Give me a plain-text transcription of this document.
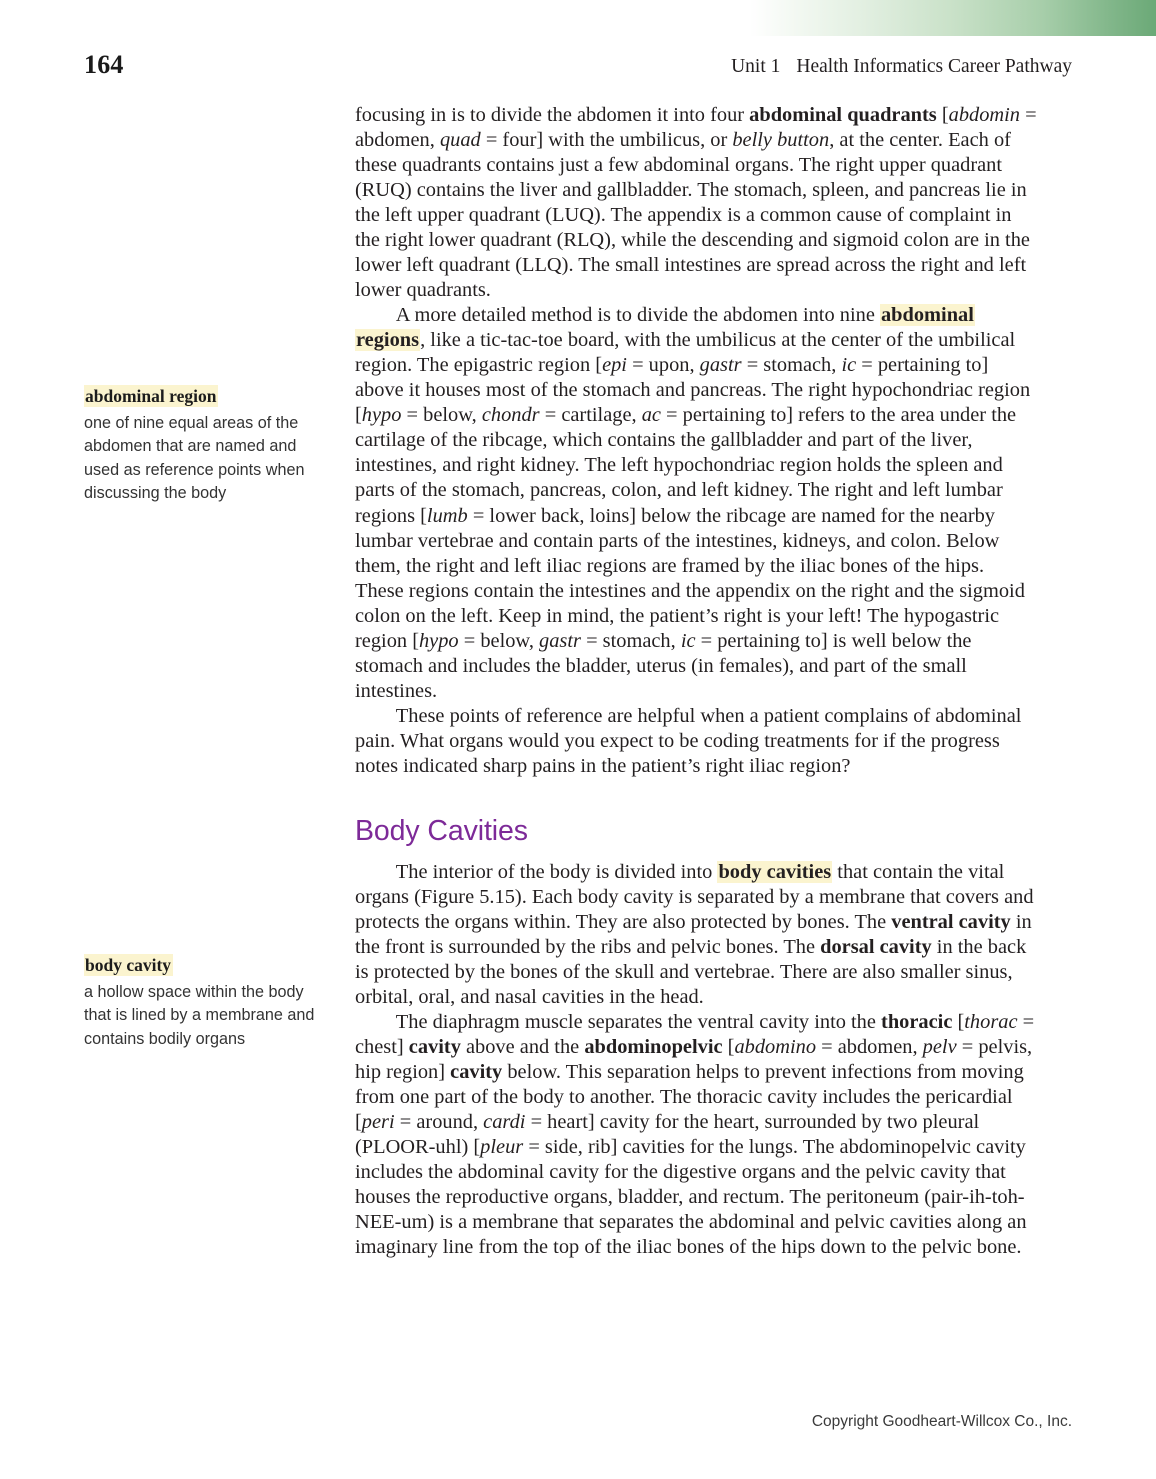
164	Unit 1 Health Informatics Career Pathway
abdominal region
one of nine equal areas of the abdomen that are named and used as reference points when discussing the body
body cavity
a hollow space within the body that is lined by a membrane and contains bodily organs

focusing in is to divide the abdomen it into four abdominal quadrants [abdomin = abdomen, quad = four] with the umbilicus, or belly button, at the center. Each of these quadrants contains just a few abdominal organs. The right upper quadrant (RUQ) contains the liver and gallbladder. The stomach, spleen, and pancreas lie in the left upper quadrant (LUQ). The appendix is a common cause of complaint in the right lower quadrant (RLQ), while the descending and sigmoid colon are in the lower left quadrant (LLQ). The small intestines are spread across the right and left lower quadrants.

A more detailed method is to divide the abdomen into nine abdominal regions, like a tic-tac-toe board, with the umbilicus at the center of the umbilical region. The epigastric region [epi = upon, gastr = stomach, ic = pertaining to] above it houses most of the stomach and pancreas. The right hypochondriac region [hypo = below, chondr = cartilage, ac = pertaining to] refers to the area under the cartilage of the ribcage, which contains the gallbladder and part of the liver, intestines, and right kidney. The left hypochondriac region holds the spleen and parts of the stomach, pancreas, colon, and left kidney. The right and left lumbar regions [lumb = lower back, loins] below the ribcage are named for the nearby lumbar vertebrae and contain parts of the intestines, kidneys, and colon. Below them, the right and left iliac regions are framed by the iliac bones of the hips. These regions contain the intestines and the appendix on the right and the sigmoid colon on the left. Keep in mind, the patient’s right is your left! The hypogastric region [hypo = below, gastr = stomach, ic = pertaining to] is well below the stomach and includes the bladder, uterus (in females), and part of the small intestines.

These points of reference are helpful when a patient complains of abdominal pain. What organs would you expect to be coding treatments for if the progress notes indicated sharp pains in the patient’s right iliac region?

Body Cavities

The interior of the body is divided into body cavities that contain the vital organs (Figure 5.15). Each body cavity is separated by a membrane that covers and protects the organs within. They are also protected by bones. The ventral cavity in the front is surrounded by the ribs and pelvic bones. The dorsal cavity in the back is protected by the bones of the skull and vertebrae. There are also smaller sinus, orbital, oral, and nasal cavities in the head.

The diaphragm muscle separates the ventral cavity into the thoracic [thorac = chest] cavity above and the abdominopelvic [abdomino = abdomen, pelv = pelvis, hip region] cavity below. This separation helps to prevent infections from moving from one part of the body to another. The thoracic cavity includes the pericardial [peri = around, cardi = heart] cavity for the heart, surrounded by two pleural (PLOOR-uhl) [pleur = side, rib] cavities for the lungs. The abdominopelvic cavity includes the abdominal cavity for the digestive organs and the pelvic cavity that houses the reproductive organs, bladder, and rectum. The peritoneum (pair-ih-toh-NEE-um) is a membrane that separates the abdominal and pelvic cavities along an imaginary line from the top of the iliac bones of the hips down to the pelvic bone.

Copyright Goodheart-Willcox Co., Inc.
